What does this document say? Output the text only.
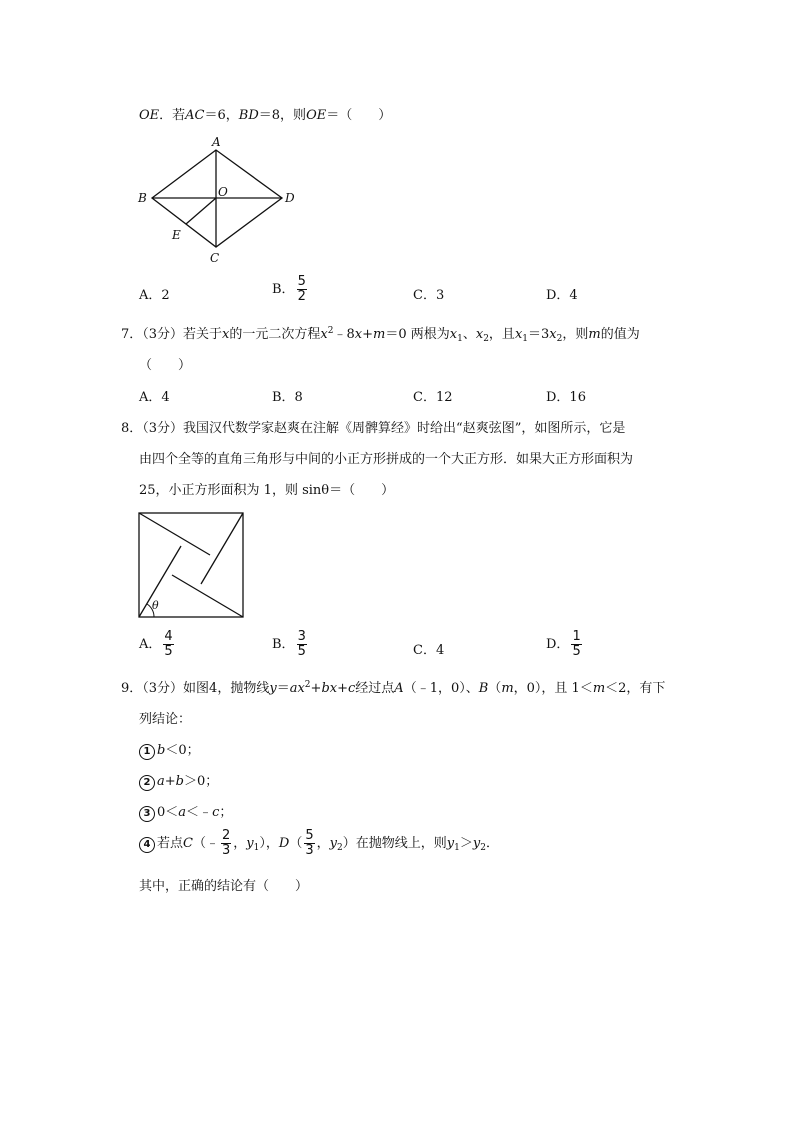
OE．若AC＝6，BD＝8，则OE＝（　　）
A
B	O	D
E
C
A．2	B． $\frac{5}{2}$	C．3	D．4
7．（3分）若关于x的一元二次方程$x^2﹣8x+m=0$ 两根为$x_1$、$x_2$，且$x_1=3x_2$，则m的值为
（　　）
A．4	B．8	C．12	D．16
8．（3分）我国汉代数学家赵爽在注解《周髀算经》时给出“赵爽弦图”，如图所示，它是
由四个全等的直角三角形与中间的小正方形拼成的一个大正方形．如果大正方形面积为
25，小正方形面积为 1，则 sinθ＝（　　）
θ
A． $\frac{4}{5}$	B． $\frac{3}{5}$	C．4	D． $\frac{1}{5}$
9．（3分）如图4，抛物线$y=ax^2+bx+c$经过点A（﹣1，0）、B（m，0），且 1＜m＜2，有下
列结论：
1 b＜0；
2 a+b＞0；
3 0＜a＜﹣c；
4 若点C（﹣ $\frac{2}{3}$ ，$y_1$），$D( \frac{5}{3}$ ，$y_2$）在抛物线上，则$y_1>y_2$．
其中，正确的结论有（　　）
